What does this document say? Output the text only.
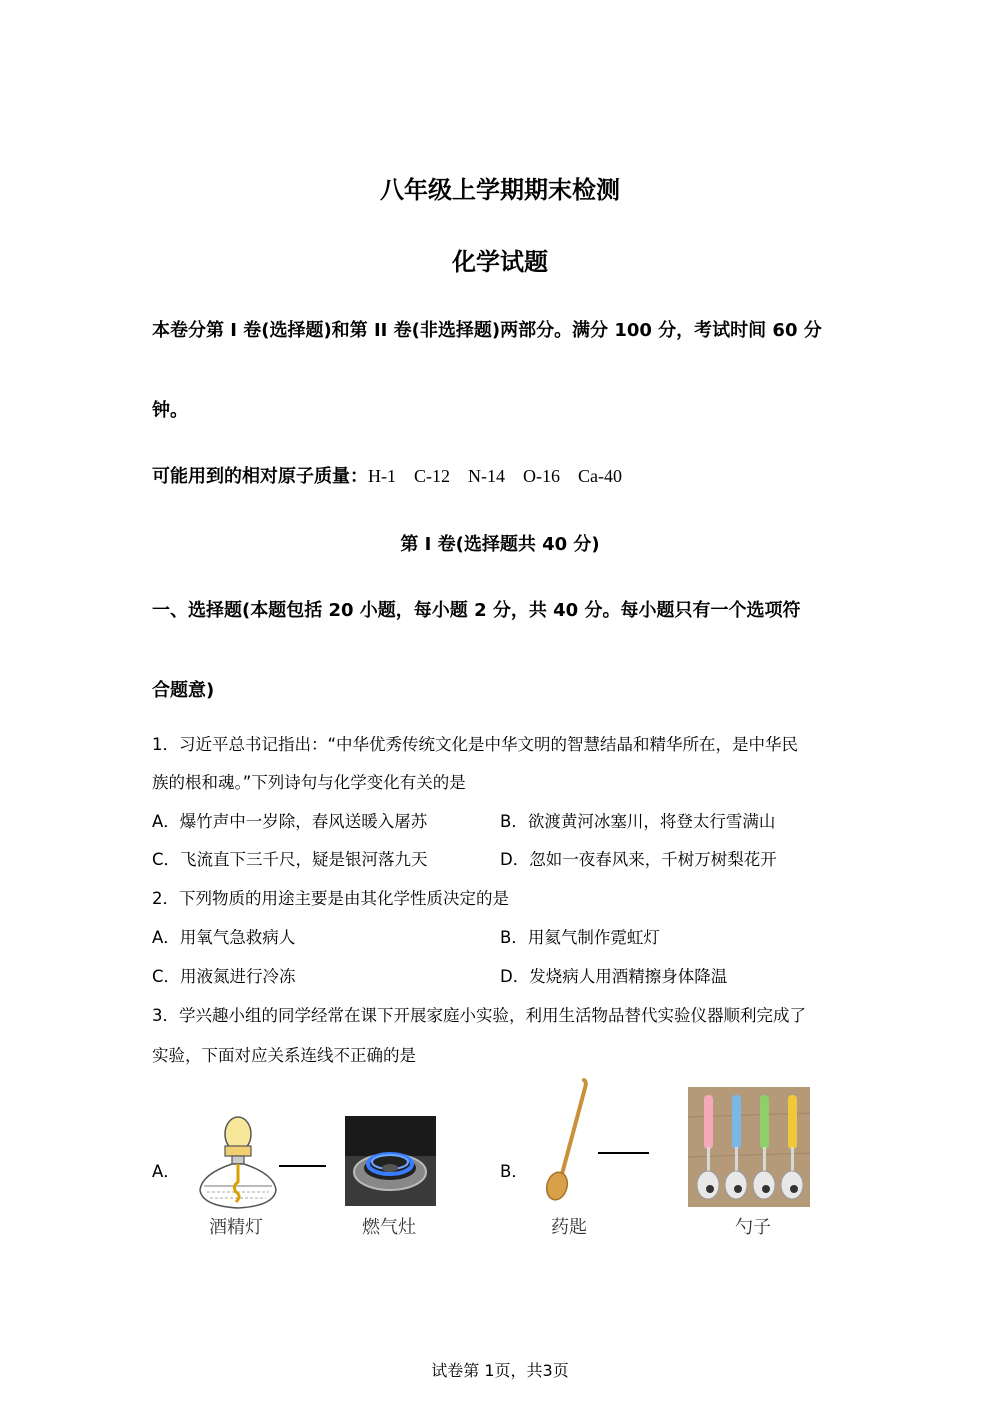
八年级上学期期末检测
化学试题
本卷分第 I 卷(选择题)和第 II 卷(非选择题)两部分。满分 100 分，考试时间 60 分
钟。
可能用到的相对原子质量：H-1　C-12　N-14　O-16　Ca-40
第 I 卷(选择题共 40 分)
一、选择题(本题包括 20 小题，每小题 2 分，共 40 分。每小题只有一个选项符
合题意)
1．习近平总书记指出：“中华优秀传统文化是中华文明的智慧结晶和精华所在，是中华民
族的根和魂。”下列诗句与化学变化有关的是
A．爆竹声中一岁除，春风送暖入屠苏	B．欲渡黄河冰塞川，将登太行雪满山
C．飞流直下三千尺，疑是银河落九天	D．忽如一夜春风来，千树万树梨花开
2．下列物质的用途主要是由其化学性质决定的是
A．用氧气急救病人	B．用氦气制作霓虹灯
C．用液氮进行冷冻	D．发烧病人用酒精擦身体降温
3．学兴趣小组的同学经常在课下开展家庭小实验，利用生活物品替代实验仪器顺利完成了
实验，下面对应关系连线不正确的是
A．
酒精灯	燃气灶
B．
药匙	勺子
试卷第 1页，共3页
